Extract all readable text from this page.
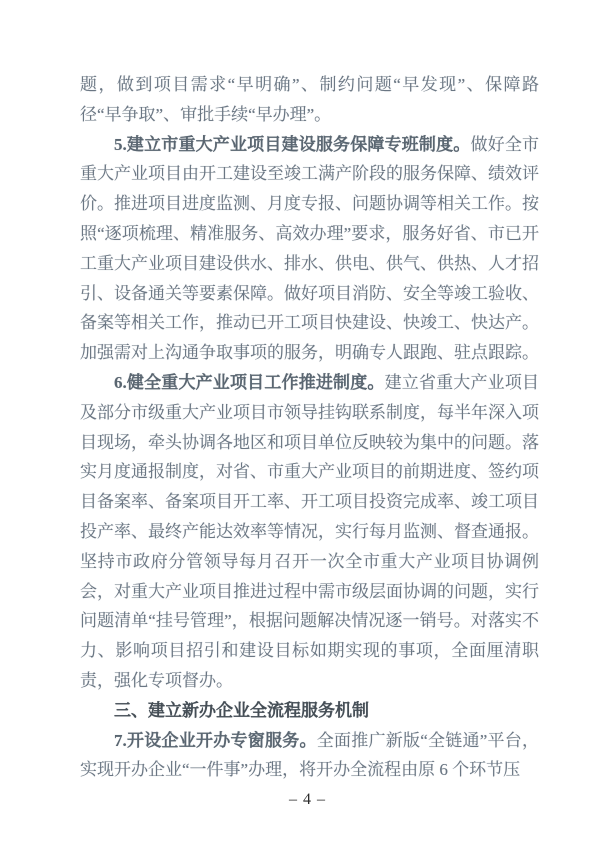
题，做到项目需求“早明确”、制约问题“早发现”、保障路径“早争取”、审批手续“早办理”。

5.建立市重大产业项目建设服务保障专班制度。做好全市重大产业项目由开工建设至竣工满产阶段的服务保障、绩效评价。推进项目进度监测、月度专报、问题协调等相关工作。按照“逐项梳理、精准服务、高效办理”要求，服务好省、市已开工重大产业项目建设供水、排水、供电、供气、供热、人才招引、设备通关等要素保障。做好项目消防、安全等竣工验收、备案等相关工作，推动已开工项目快建设、快竣工、快达产。加强需对上沟通争取事项的服务，明确专人跟跑、驻点跟踪。

6.健全重大产业项目工作推进制度。建立省重大产业项目及部分市级重大产业项目市领导挂钩联系制度，每半年深入项目现场，牵头协调各地区和项目单位反映较为集中的问题。落实月度通报制度，对省、市重大产业项目的前期进度、签约项目备案率、备案项目开工率、开工项目投资完成率、竣工项目投产率、最终产能达效率等情况，实行每月监测、督查通报。坚持市政府分管领导每月召开一次全市重大产业项目协调例会，对重大产业项目推进过程中需市级层面协调的问题，实行问题清单“挂号管理”，根据问题解决情况逐一销号。对落实不力、影响项目招引和建设目标如期实现的事项，全面厘清职责，强化专项督办。

三、建立新办企业全流程服务机制

7.开设企业开办专窗服务。全面推广新版“全链通”平台，实现开办企业“一件事”办理，将开办全流程由原 6 个环节压

– 4 –
